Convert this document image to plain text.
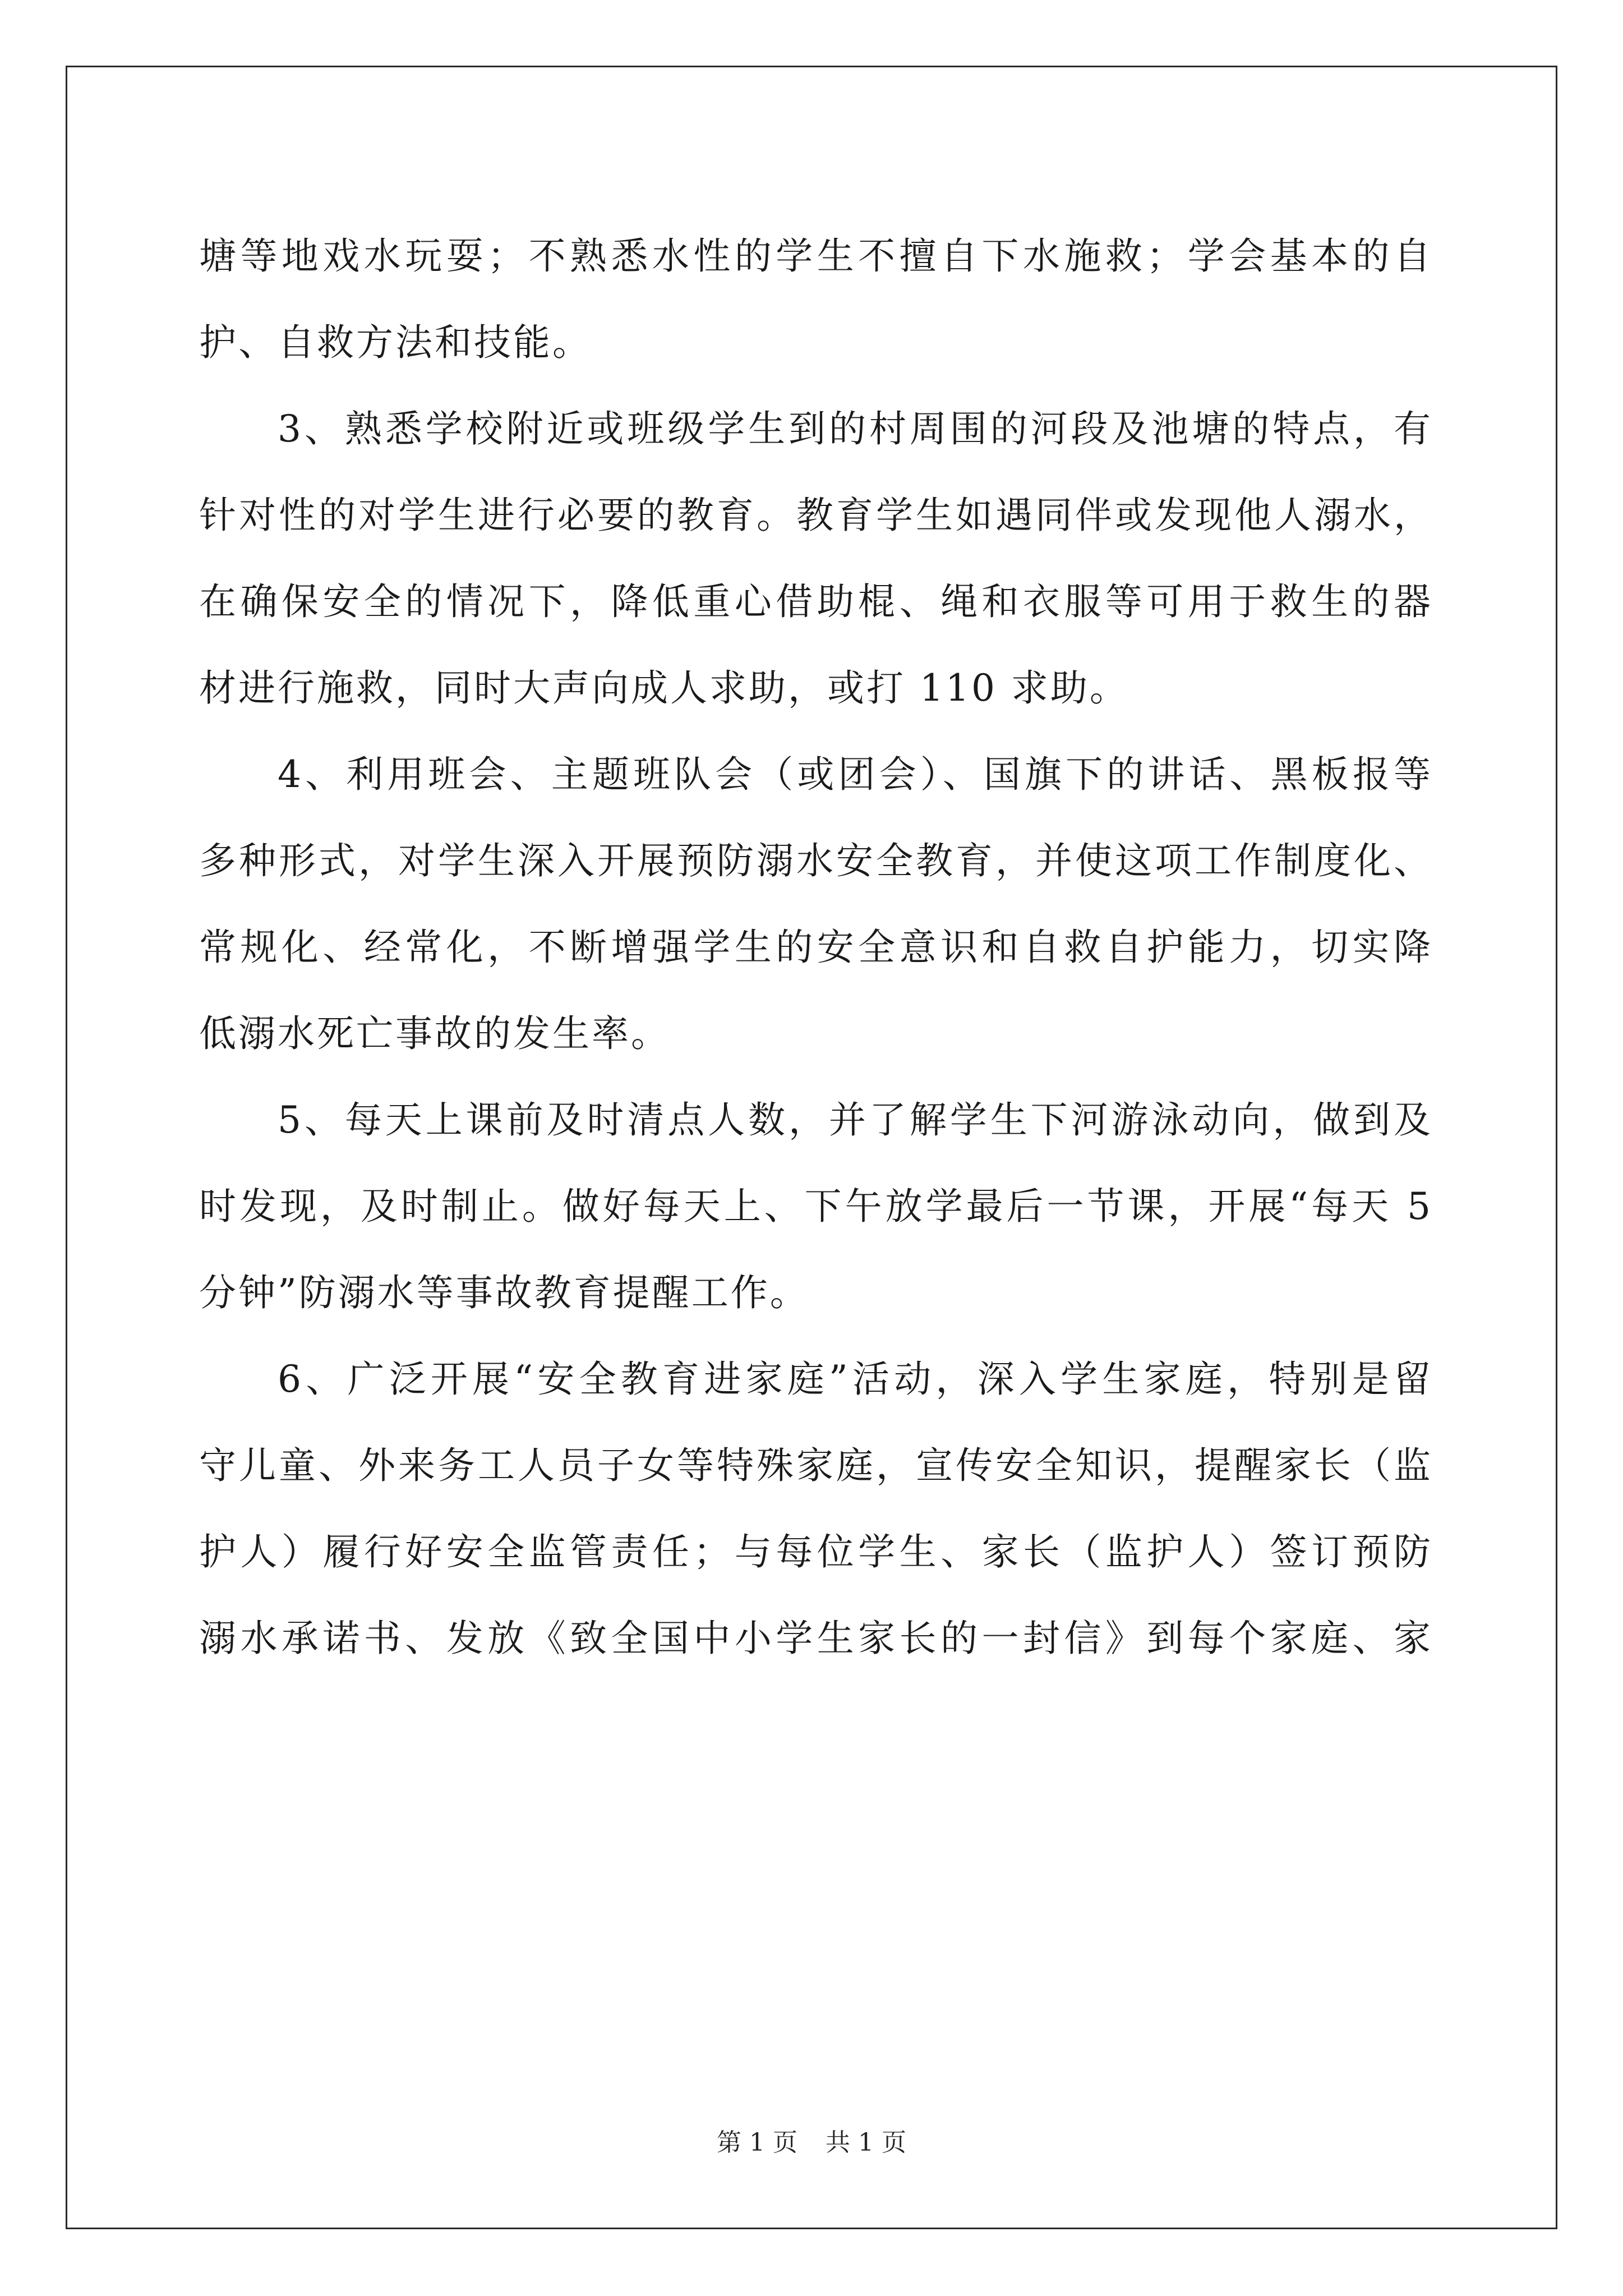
塘等地戏水玩耍；不熟悉水性的学生不擅自下水施救；学会基本的自
护、自救方法和技能。
3、熟悉学校附近或班级学生到的村周围的河段及池塘的特点，有
针对性的对学生进行必要的教育。教育学生如遇同伴或发现他人溺水，
在确保安全的情况下，降低重心借助棍、绳和衣服等可用于救生的器
材进行施救，同时大声向成人求助，或打 110 求助。
4、利用班会、主题班队会（或团会）、国旗下的讲话、黑板报等
多种形式，对学生深入开展预防溺水安全教育，并使这项工作制度化、
常规化、经常化，不断增强学生的安全意识和自救自护能力，切实降
低溺水死亡事故的发生率。
5、每天上课前及时清点人数，并了解学生下河游泳动向，做到及
时发现，及时制止。做好每天上、下午放学最后一节课，开展“每天 5
分钟”防溺水等事故教育提醒工作。
6、广泛开展“安全教育进家庭”活动，深入学生家庭，特别是留
守儿童、外来务工人员子女等特殊家庭，宣传安全知识，提醒家长（监
护人）履行好安全监管责任；与每位学生、家长（监护人）签订预防
溺水承诺书、发放《致全国中小学生家长的一封信》到每个家庭、家
第 1 页 共 1 页
